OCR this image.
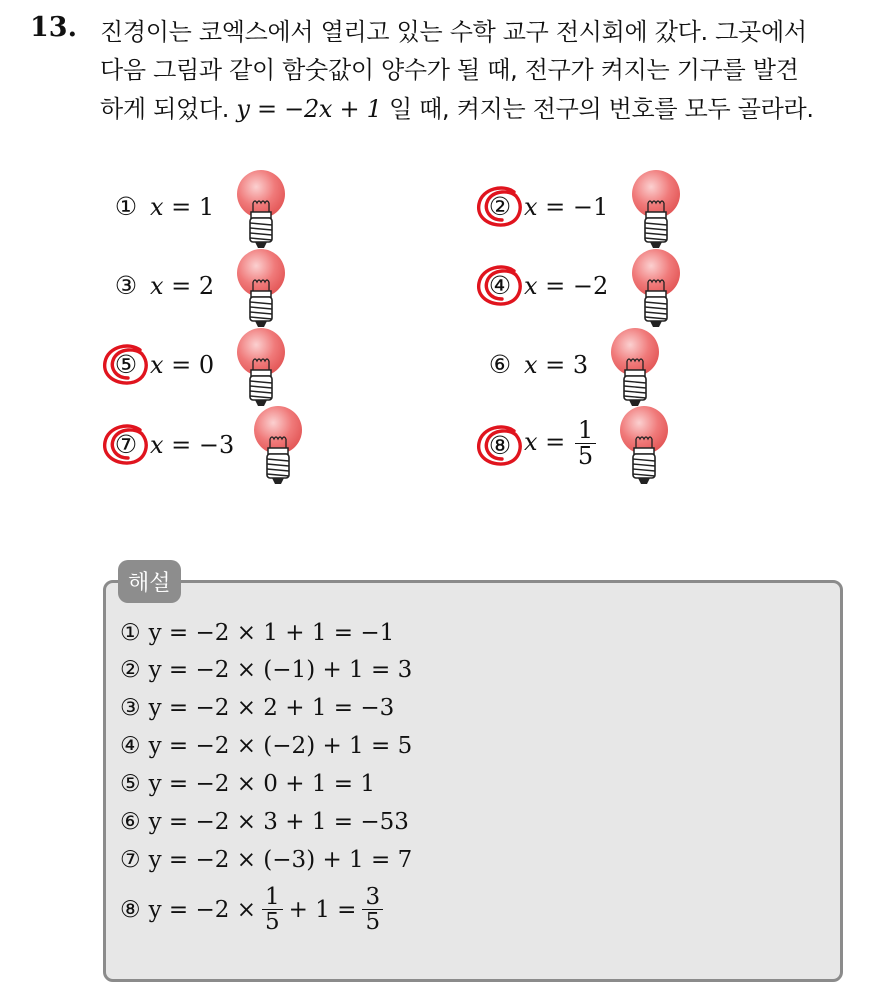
13. 진경이는 코엑스에서 열리고 있는 수학 교구 전시회에 갔다. 그곳에서
다음 그림과 같이 함숫값이 양수가 될 때, 전구가 켜지는 기구를 발견
하게 되었다. y = −2x + 1 일 때, 켜지는 전구의 번호를 모두 골라라.
① x = 1	② x = −1
③ x = 2	④ x = −2
⑤ x = 0	⑥ x = 3
⑦ x = −3	⑧ $x = \frac{1}{5}$
해설
① y = −2 × 1 + 1 = −1
② y = −2 × (−1) + 1 = 3
③ y = −2 × 2 + 1 = −3
④ y = −2 × (−2) + 1 = 5
⑤ y = −2 × 0 + 1 = 1
⑥ y = −2 × 3 + 1 = −53
⑦ y = −2 × (−3) + 1 = 7
⑧ $y = -2 \times \frac{1}{5} + 1 = \frac{3}{5}$
